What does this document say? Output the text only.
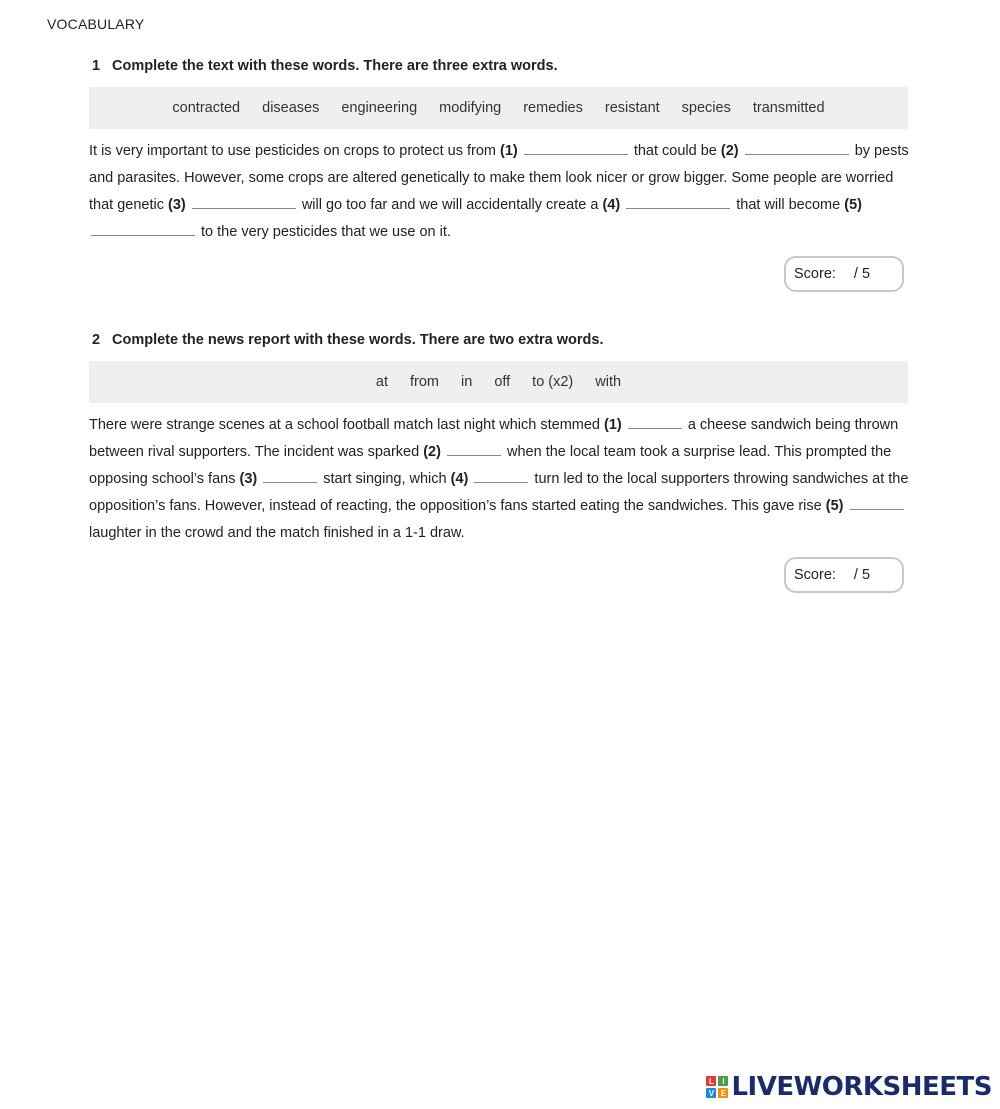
VOCABULARY
1 Complete the text with these words. There are three extra words.
contracted diseases engineering modifying remedies resistant species transmitted
It is very important to use pesticides on crops to protect us from (1)	that could be (2)	by pests and parasites. However, some crops are altered genetically to make them look nicer or grow bigger. Some people are worried that genetic (3)	will go too far and we will accidentally create a (4)	that will become (5)  to the very pesticides that we use on it.
Score: / 5
2 Complete the news report with these words. There are two extra words.
at from in off to (x2) with
There were strange scenes at a school football match last night which stemmed (1)	a cheese sandwich being thrown between rival supporters. The incident was sparked (2)	when the local team took a surprise lead. This prompted the opposing school’s fans (3)	start singing, which (4)	turn led to the local supporters throwing sandwiches at the opposition’s fans. However, instead of reacting, the opposition’s fans started eating the sandwiches. This gave rise (5)  laughter in the crowd and the match finished in a 1-1 draw.
Score: / 5
L	I
V E LIVEWORKSHEETS
